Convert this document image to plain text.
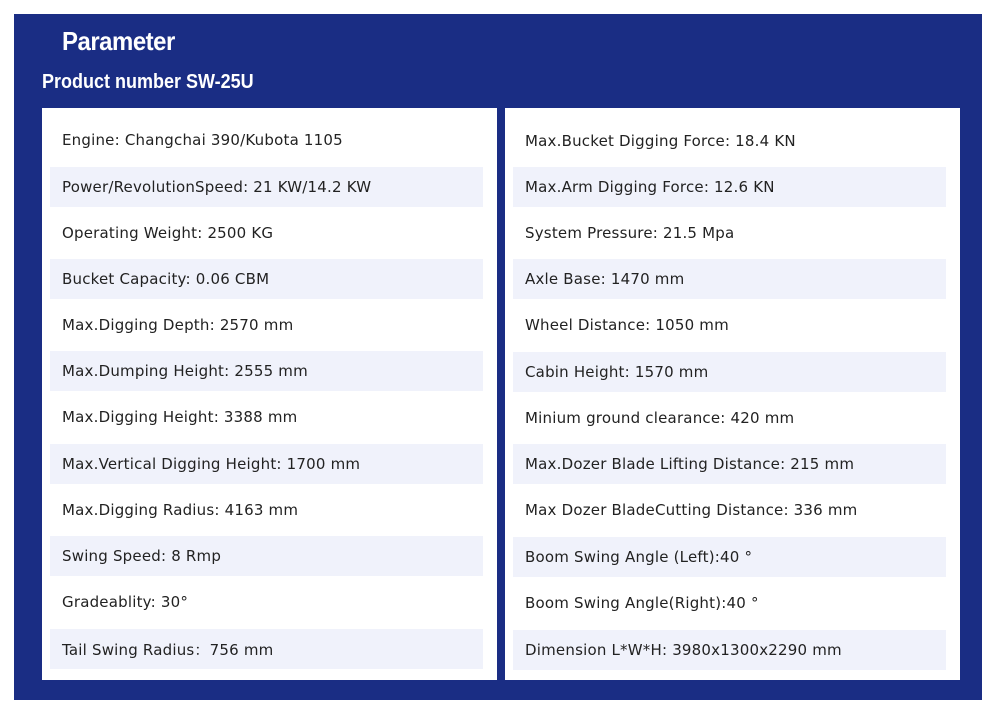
Parameter
Product number SW-25U
Engine: Changchai 390/Kubota 1105
Power/RevolutionSpeed: 21 KW/14.2 KW
Operating Weight: 2500 KG
Bucket Capacity: 0.06 CBM
Max.Digging Depth: 2570 mm
Max.Dumping Height: 2555 mm
Max.Digging Height: 3388 mm
Max.Vertical Digging Height: 1700 mm
Max.Digging Radius: 4163 mm
Swing Speed: 8 Rmp
Gradeablity: 30°
Tail Swing Radius：756 mm
Max.Bucket Digging Force: 18.4 KN
Max.Arm Digging Force: 12.6 KN
System Pressure: 21.5 Mpa
Axle Base: 1470 mm
Wheel Distance: 1050 mm
Cabin Height: 1570 mm
Minium ground clearance: 420 mm
Max.Dozer Blade Lifting Distance: 215 mm
Max Dozer BladeCutting Distance: 336 mm
Boom Swing Angle (Left):40 °
Boom Swing Angle(Right):40 °
Dimension L*W*H: 3980x1300x2290 mm
